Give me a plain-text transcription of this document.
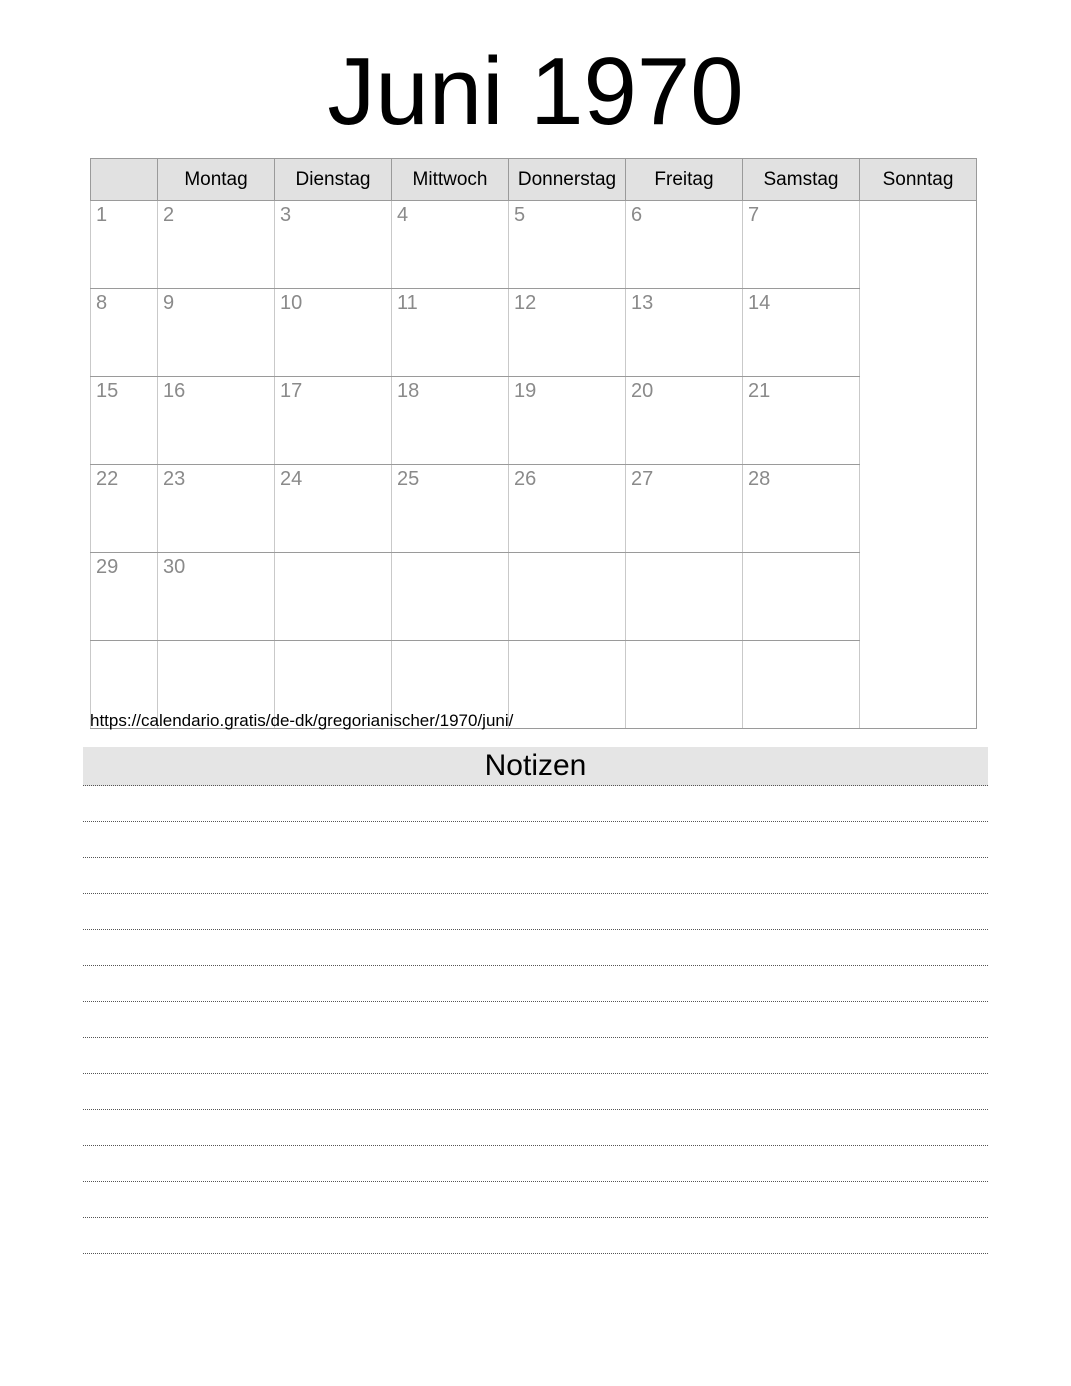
Juni 1970
	Montag	Dienstag	Mittwoch	Donnerstag	Freitag	Samstag	Sonntag
1	2	3	4	5	6	7	
8	9	10	11	12	13	14	
15	16	17	18	19	20	21	
22	23	24	25	26	27	28	
29	30						

https://calendario.gratis/de-dk/gregorianischer/1970/juni/
Notizen
